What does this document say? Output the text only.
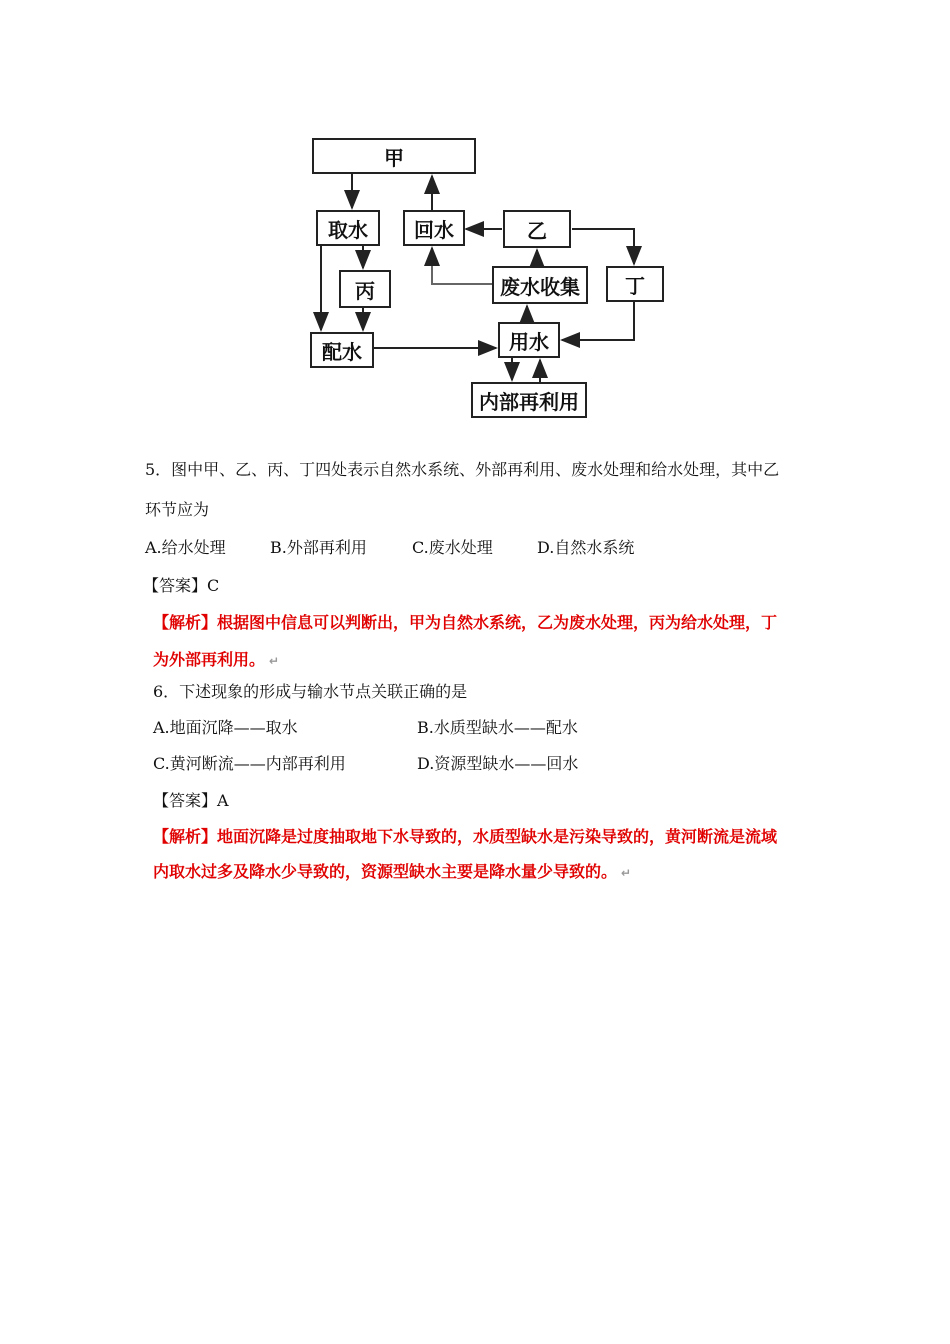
甲
取水	回水	乙
丙	废水收集	丁
配水	用水
内部再利用
5．图中甲、乙、丙、丁四处表示自然水系统、外部再利用、废水处理和给水处理，其中乙
环节应为
A.给水处理	B.外部再利用	C.废水处理	D.自然水系统
【答案】C
【解析】根据图中信息可以判断出，甲为自然水系统，乙为废水处理，丙为给水处理，丁
为外部再利用。 ↵
6．下述现象的形成与输水节点关联正确的是
A.地面沉降——取水	B.水质型缺水——配水
C.黄河断流——内部再利用	D.资源型缺水——回水
【答案】A
【解析】地面沉降是过度抽取地下水导致的，水质型缺水是污染导致的，黄河断流是流域
内取水过多及降水少导致的，资源型缺水主要是降水量少导致的。 ↵
